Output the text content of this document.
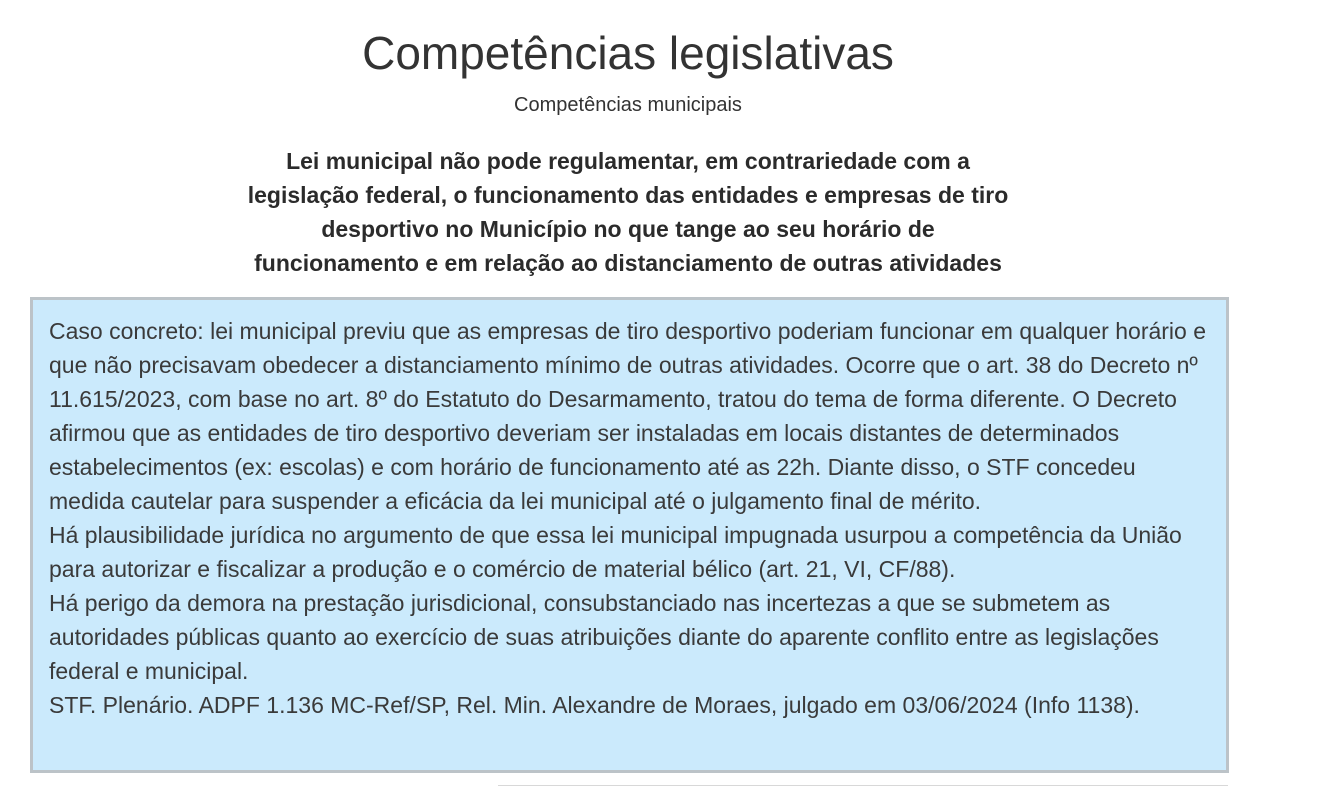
Competências legislativas

Competências municipais

Lei municipal não pode regulamentar, em contrariedade com a
legislação federal, o funcionamento das entidades e empresas de tiro
desportivo no Município no que tange ao seu horário de
funcionamento e em relação ao distanciamento de outras atividades

Caso concreto: lei municipal previu que as empresas de tiro desportivo poderiam funcionar em qualquer horário e que não precisavam obedecer a distanciamento mínimo de outras atividades. Ocorre que o art. 38 do Decreto nº 11.615/2023, com base no art. 8º do Estatuto do Desarmamento, tratou do tema de forma diferente. O Decreto afirmou que as entidades de tiro desportivo deveriam ser instaladas em locais distantes de determinados estabelecimentos (ex: escolas) e com horário de funcionamento até as 22h. Diante disso, o STF concedeu medida cautelar para suspender a eficácia da lei municipal até o julgamento final de mérito.

Há plausibilidade jurídica no argumento de que essa lei municipal impugnada usurpou a competência da União para autorizar e fiscalizar a produção e o comércio de material bélico (art. 21, VI, CF/88).

Há perigo da demora na prestação jurisdicional, consubstanciado nas incertezas a que se submetem as autoridades públicas quanto ao exercício de suas atribuições diante do aparente conflito entre as legislações federal e municipal.

STF. Plenário. ADPF 1.136 MC-Ref/SP, Rel. Min. Alexandre de Moraes, julgado em 03/06/2024 (Info 1138).
